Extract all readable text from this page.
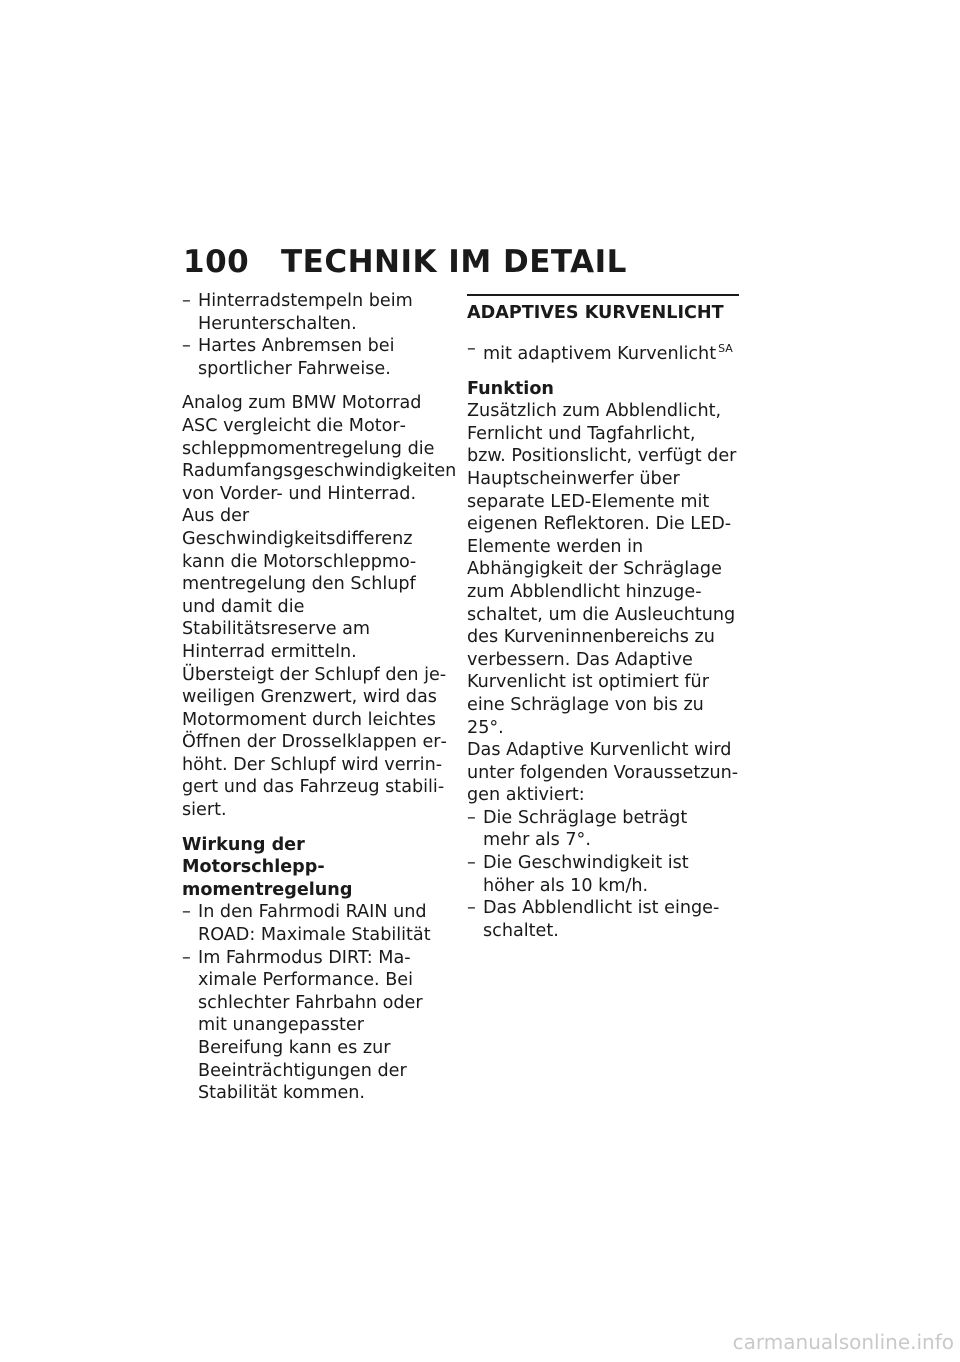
100 TECHNIK IM DETAIL
– Hinterradstempeln beim Herunterschalten.
– Hartes Anbremsen bei sportlicher Fahrweise.

Analog zum BMW Motorrad ASC vergleicht die Motorschleppmomentregelung die Radumfangsgeschwindigkeiten von Vorder- und Hinterrad. Aus der Geschwindigkeitsdifferenz kann die Motorschleppmomentregelung den Schlupf und damit die Stabilitätsreserve am Hinterrad ermitteln.

Übersteigt der Schlupf den jeweiligen Grenzwert, wird das Motormoment durch leichtes Öffnen der Drosselklappen erhöht. Der Schlupf wird verringert und das Fahrzeug stabilisiert.

Wirkung der Motorschleppmomentregelung
– In den Fahrmodi RAIN und ROAD: Maximale Stabilität
– Im Fahrmodus DIRT: Maximale Performance. Bei schlechter Fahrbahn oder mit unangepasster Bereifung kann es zur Beeinträchtigungen der Stabilität kommen.
ADAPTIVES KURVENLICHT
– mit adaptivem Kurvenlicht $^{SA}$
Funktion

Zusätzlich zum Abblendlicht, Fernlicht und Tagfahrlicht, bzw. Positionslicht, verfügt der Hauptscheinwerfer über separate LED-Elemente mit eigenen Reflektoren. Die LED-Elemente werden in Abhängigkeit der Schräglage zum Abblendlicht hinzugeschaltet, um die Ausleuchtung des Kurveninnenbereichs zu verbessern. Das Adaptive Kurvenlicht ist optimiert für eine Schräglage von bis zu 25°.

Das Adaptive Kurvenlicht wird unter folgenden Voraussetzungen aktiviert:

– Die Schräglage beträgt mehr als 7°.
– Die Geschwindigkeit ist höher als 10 km/h.
– Das Abblendlicht ist eingeschaltet.
carmanualsonline.info
